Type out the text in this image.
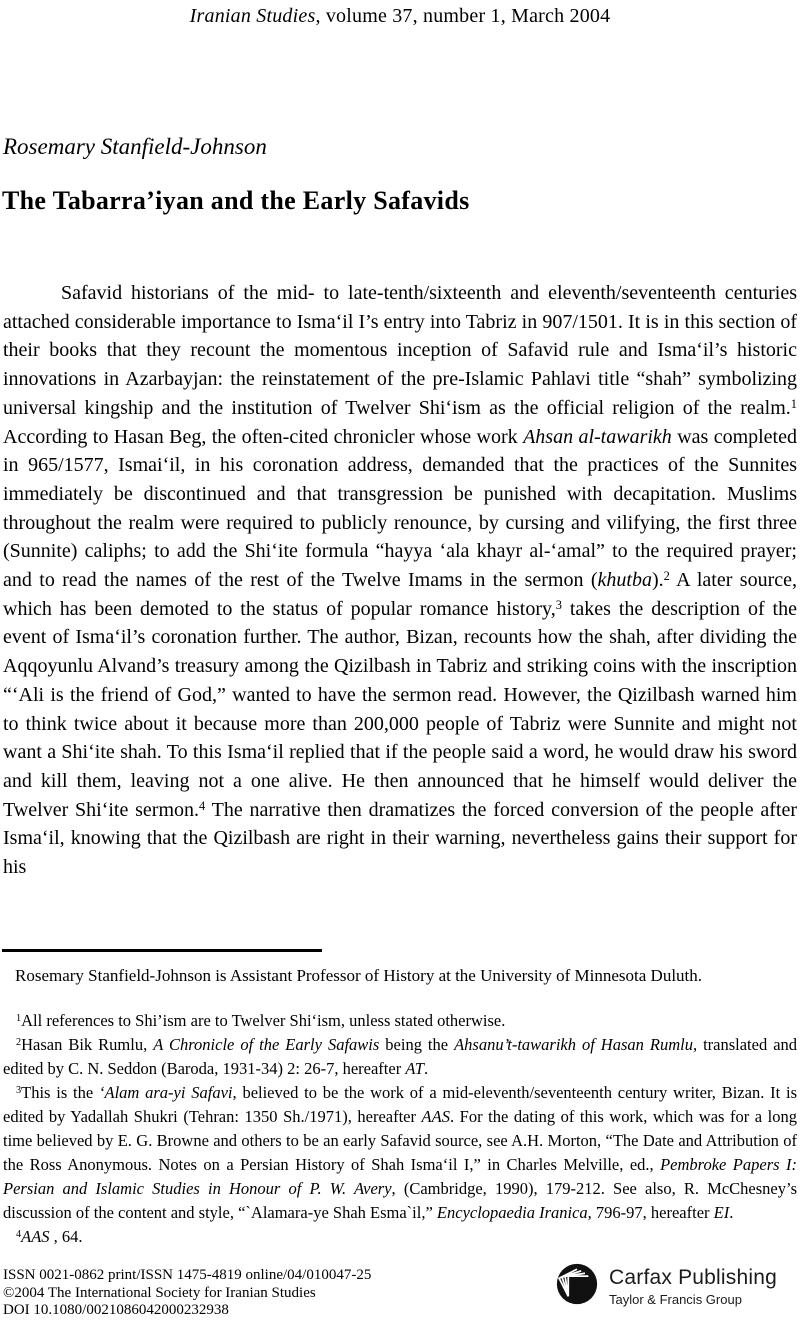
Iranian Studies, volume 37, number 1, March 2004
Rosemary Stanfield-Johnson
The Tabarra’iyan and the Early Safavids

Safavid historians of the mid- to late-tenth/sixteenth and eleventh/seventeenth centuries attached considerable importance to Isma‘il I’s entry into Tabriz in 907/1501. It is in this section of their books that they recount the momentous inception of Safavid rule and Isma‘il’s historic innovations in Azarbayjan: the reinstatement of the pre-Islamic Pahlavi title “shah” symbolizing universal kingship and the institution of Twelver Shi‘ism as the official religion of the realm.$^1$ According to Hasan Beg, the often-cited chronicler whose work Ahsan al-tawarikh was completed in 965/1577, Ismai‘il, in his coronation address, demanded that the practices of the Sunnites immediately be discontinued and that transgression be punished with decapitation. Muslims throughout the realm were required to publicly renounce, by cursing and vilifying, the first three (Sunnite) caliphs; to add the Shi‘ite formula “hayya ‘ala khayr al-‘amal” to the required prayer; and to read the names of the rest of the Twelve Imams in the sermon (khutba).$^2$ A later source, which has been demoted to the status of popular romance history,$^3$ takes the description of the event of Isma‘il’s coronation further. The author, Bizan, recounts how the shah, after dividing the Aqqoyunlu Alvand’s treasury among the Qizilbash in Tabriz and striking coins with the inscription “‘Ali is the friend of God,” wanted to have the sermon read. However, the Qizilbash warned him to think twice about it because more than 200,000 people of Tabriz were Sunnite and might not want a Shi‘ite shah. To this Isma‘il replied that if the people said a word, he would draw his sword and kill them, leaving not a one alive. He then announced that he himself would deliver the Twelver Shi‘ite sermon.$^4$ The narrative then dramatizes the forced conversion of the people after Isma‘il, knowing that the Qizilbash are right in their warning, nevertheless gains their support for his

Rosemary Stanfield-Johnson is Assistant Professor of History at the University of Minnesota Duluth.

$^1$All references to Shi’ism are to Twelver Shi‘ism, unless stated otherwise.

$^2$Hasan Bik Rumlu, A Chronicle of the Early Safawis being the Ahsanu’t-tawarikh of Hasan Rumlu, translated and edited by C. N. Seddon (Baroda, 1931-34) 2: 26-7, hereafter AT.

$^3$This is the ‘Alam ara-yi Safavi, believed to be the work of a mid-eleventh/seventeenth century writer, Bizan. It is edited by Yadallah Shukri (Tehran: 1350 Sh./1971), hereafter AAS. For the dating of this work, which was for a long time believed by E. G. Browne and others to be an early Safavid source, see A.H. Morton, “The Date and Attribution of the Ross Anonymous. Notes on a Persian History of Shah Isma‘il I,” in Charles Melville, ed., Pembroke Papers I: Persian and Islamic Studies in Honour of P. W. Avery, (Cambridge, 1990), 179-212. See also, R. McChesney’s discussion of the content and style, “`Alamara-ye Shah Esma`il,” Encyclopaedia Iranica, 796-97, hereafter EI.

$^4$AAS , 64.

ISSN 0021-0862 print/ISSN 1475-4819 online/04/010047-25
©2004 The International Society for Iranian Studies
DOI 10.1080/0021086042000232938
Carfax Publishing
Taylor & Francis Group
